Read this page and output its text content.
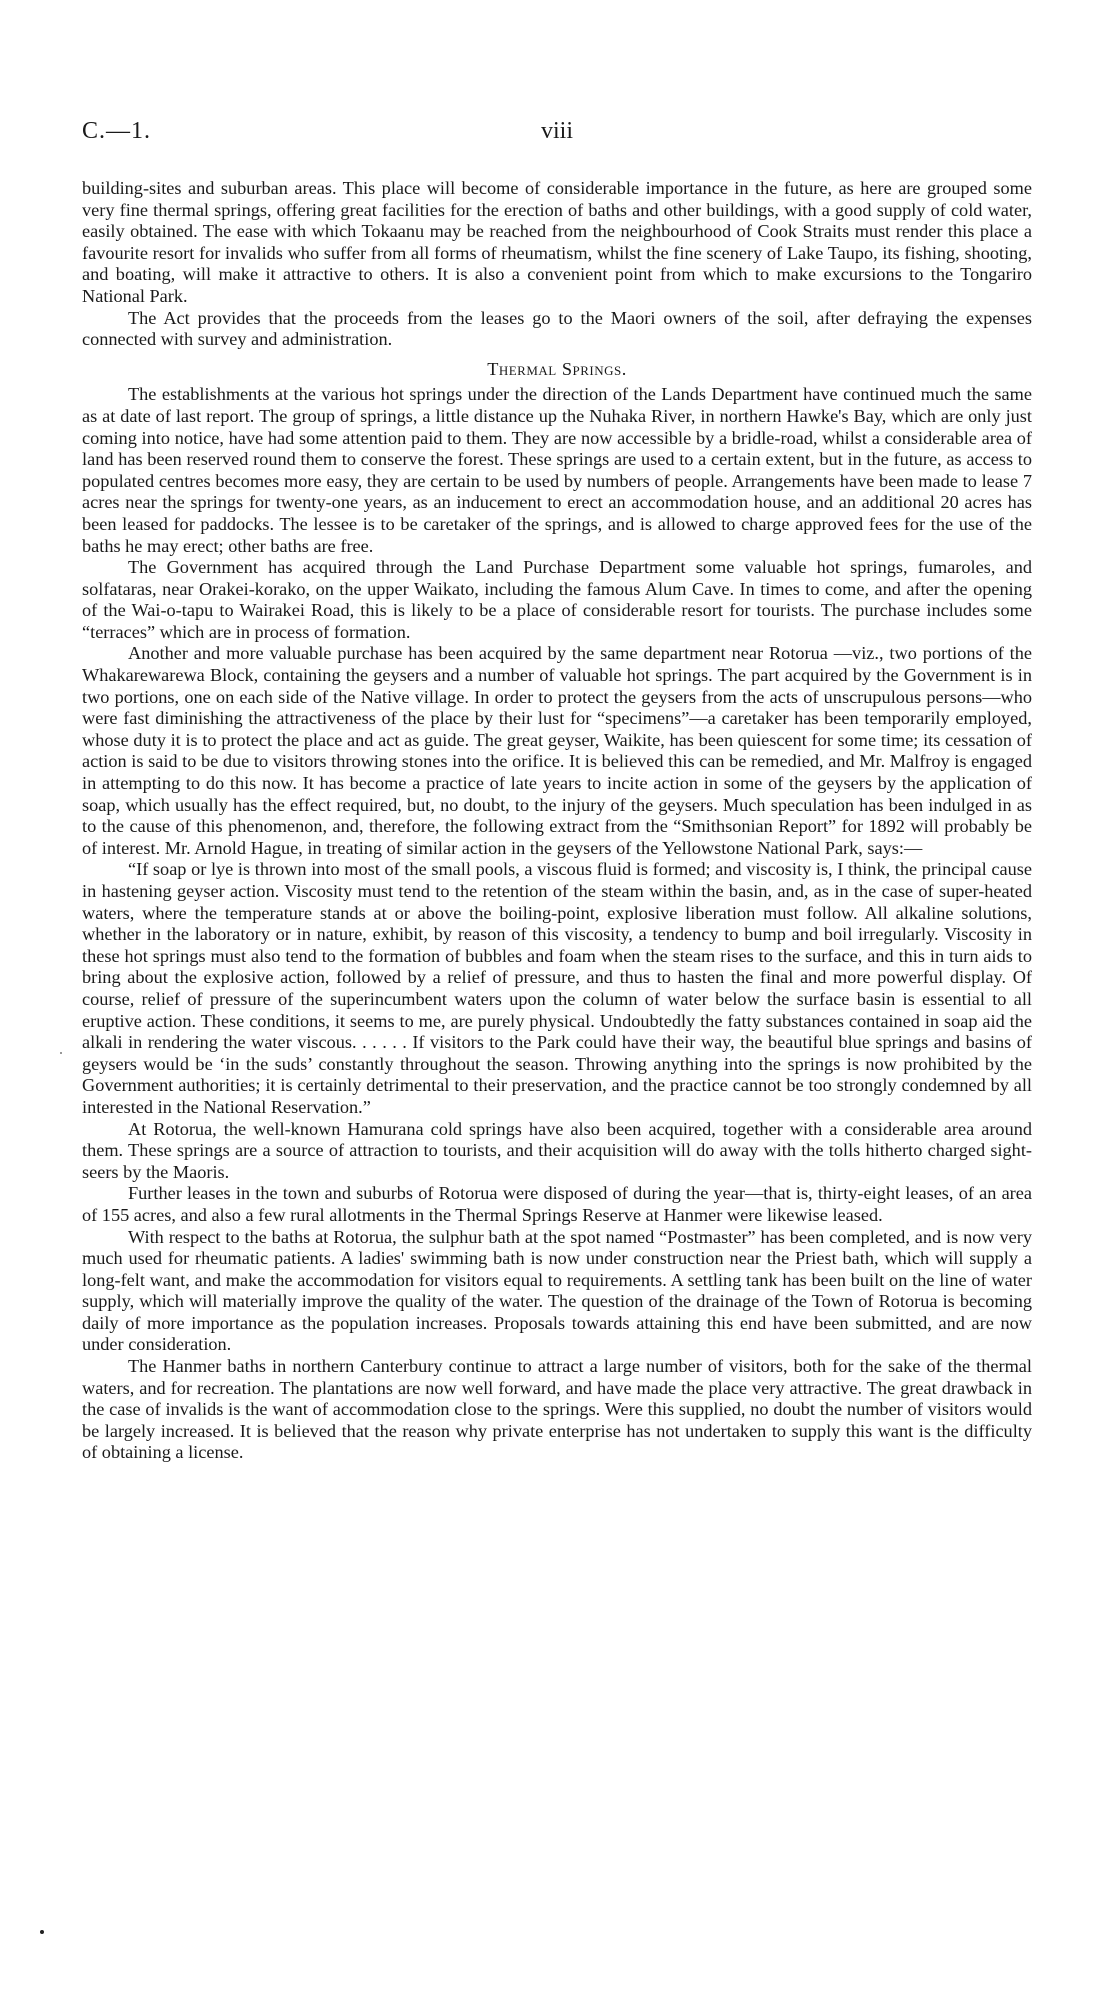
C.—1.	viii

building-sites and suburban areas. This place will become of considerable importance in the future, as here are grouped some very fine thermal springs, offering great facilities for the erection of baths and other buildings, with a good supply of cold water, easily obtained. The ease with which Tokaanu may be reached from the neighbourhood of Cook Straits must render this place a favourite resort for invalids who suffer from all forms of rheumatism, whilst the fine scenery of Lake Taupo, its fishing, shooting, and boating, will make it attractive to others. It is also a convenient point from which to make excursions to the Tongariro National Park.

The Act provides that the proceeds from the leases go to the Maori owners of the soil, after defraying the expenses connected with survey and administration.

Thermal Springs.

The establishments at the various hot springs under the direction of the Lands Department have continued much the same as at date of last report. The group of springs, a little distance up the Nuhaka River, in northern Hawke's Bay, which are only just coming into notice, have had some attention paid to them. They are now accessible by a bridle-road, whilst a considerable area of land has been reserved round them to conserve the forest. These springs are used to a certain extent, but in the future, as access to populated centres becomes more easy, they are certain to be used by numbers of people. Arrangements have been made to lease 7 acres near the springs for twenty-one years, as an inducement to erect an accommodation house, and an additional 20 acres has been leased for paddocks. The lessee is to be caretaker of the springs, and is allowed to charge approved fees for the use of the baths he may erect; other baths are free.

The Government has acquired through the Land Purchase Department some valuable hot springs, fumaroles, and solfataras, near Orakei-korako, on the upper Waikato, including the famous Alum Cave. In times to come, and after the opening of the Wai-o-tapu to Wairakei Road, this is likely to be a place of considerable resort for tourists. The purchase includes some “terraces” which are in process of formation.

Another and more valuable purchase has been acquired by the same department near Rotorua —viz., two portions of the Whakarewarewa Block, containing the geysers and a number of valuable hot springs. The part acquired by the Government is in two portions, one on each side of the Native village. In order to protect the geysers from the acts of unscrupulous persons—who were fast diminishing the attractiveness of the place by their lust for “specimens”—a caretaker has been temporarily employed, whose duty it is to protect the place and act as guide. The great geyser, Waikite, has been quiescent for some time; its cessation of action is said to be due to visitors throwing stones into the orifice. It is believed this can be remedied, and Mr. Malfroy is engaged in attempting to do this now. It has become a practice of late years to incite action in some of the geysers by the application of soap, which usually has the effect required, but, no doubt, to the injury of the geysers. Much speculation has been indulged in as to the cause of this phenomenon, and, therefore, the following extract from the “Smithsonian Report” for 1892 will probably be of interest. Mr. Arnold Hague, in treating of similar action in the geysers of the Yellowstone National Park, says:—

“If soap or lye is thrown into most of the small pools, a viscous fluid is formed; and viscosity is, I think, the principal cause in hastening geyser action. Viscosity must tend to the retention of the steam within the basin, and, as in the case of super-heated waters, where the temperature stands at or above the boiling-point, explosive liberation must follow. All alkaline solutions, whether in the laboratory or in nature, exhibit, by reason of this viscosity, a tendency to bump and boil irregularly. Viscosity in these hot springs must also tend to the formation of bubbles and foam when the steam rises to the surface, and this in turn aids to bring about the explosive action, followed by a relief of pressure, and thus to hasten the final and more powerful display. Of course, relief of pressure of the superincumbent waters upon the column of water below the surface basin is essential to all eruptive action. These conditions, it seems to me, are purely physical. Undoubtedly the fatty substances contained in soap aid the alkali in rendering the water viscous. . . . . . If visitors to the Park could have their way, the beautiful blue springs and basins of geysers would be ‘in the suds’ constantly throughout the season. Throwing anything into the springs is now prohibited by the Government authorities; it is certainly detrimental to their preservation, and the practice cannot be too strongly condemned by all interested in the National Reservation.”

At Rotorua, the well-known Hamurana cold springs have also been acquired, together with a considerable area around them. These springs are a source of attraction to tourists, and their acquisition will do away with the tolls hitherto charged sight-seers by the Maoris.

Further leases in the town and suburbs of Rotorua were disposed of during the year—that is, thirty-eight leases, of an area of 155 acres, and also a few rural allotments in the Thermal Springs Reserve at Hanmer were likewise leased.

With respect to the baths at Rotorua, the sulphur bath at the spot named “Postmaster” has been completed, and is now very much used for rheumatic patients. A ladies' swimming bath is now under construction near the Priest bath, which will supply a long-felt want, and make the accommodation for visitors equal to requirements. A settling tank has been built on the line of water supply, which will materially improve the quality of the water. The question of the drainage of the Town of Rotorua is becoming daily of more importance as the population increases. Proposals towards attaining this end have been submitted, and are now under consideration.

The Hanmer baths in northern Canterbury continue to attract a large number of visitors, both for the sake of the thermal waters, and for recreation. The plantations are now well forward, and have made the place very attractive. The great drawback in the case of invalids is the want of accommodation close to the springs. Were this supplied, no doubt the number of visitors would be largely increased. It is believed that the reason why private enterprise has not undertaken to supply this want is the difficulty of obtaining a license.
